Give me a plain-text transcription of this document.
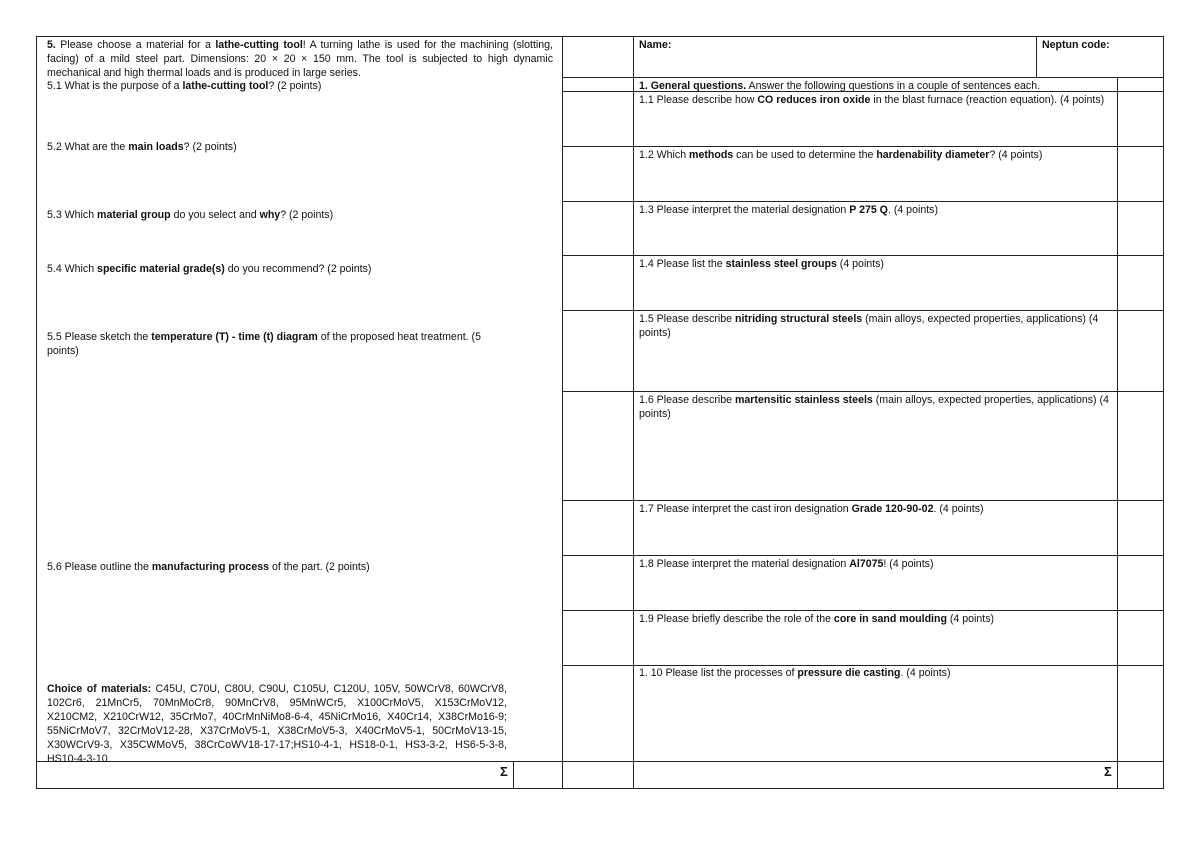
5. Please choose a material for a lathe-cutting tool! A turning lathe is used for the machining (slotting, facing) of a mild steel part. Dimensions: 20 × 20 × 150 mm. The tool is subjected to high dynamic mechanical and high thermal loads and is produced in large series.
5.1 What is the purpose of a lathe-cutting tool? (2 points)
5.2 What are the main loads? (2 points)
5.3 Which material group do you select and why? (2 points)
5.4 Which specific material grade(s) do you recommend? (2 points)
5.5 Please sketch the temperature (T) - time (t) diagram of the proposed heat treatment. (5 points)
5.6 Please outline the manufacturing process of the part. (2 points)
Choice of materials: C45U, C70U, C80U, C90U, C105U, C120U, 105V, 50WCrV8, 60WCrV8, 102Cr6, 21MnCr5, 70MnMoCr8, 90MnCrV8, 95MnWCr5, X100CrMoV5, X153CrMoV12, X210CM2, X210CrW12, 35CrMo7, 40CrMnNiMo8-6-4, 45NiCrMo16, X40Cr14, X38CrMo16-9; 55NiCrMoV7, 32CrMoV12-28, X37CrMoV5-1, X38CrMoV5-3, X40CrMoV5-1, 50CrMoV13-15, X30WCrV9-3, X35CWMoV5, 38CrCoWV18-17-17;HS10-4-1, HS18-0-1, HS3-3-2, HS6-5-3-8, HS10-4-3-10.
Σ
Name:	Neptun code:
1. General questions. Answer the following questions in a couple of sentences each.
1.1 Please describe how CO reduces iron oxide in the blast furnace (reaction equation). (4 points)
1.2 Which methods can be used to determine the hardenability diameter? (4 points)
1.3 Please interpret the material designation P 275 Q. (4 points)
1.4 Please list the stainless steel groups (4 points)
1.5 Please describe nitriding structural steels (main alloys, expected properties, applications) (4 points)
1.6 Please describe martensitic stainless steels (main alloys, expected properties, applications) (4 points)
1.7 Please interpret the cast iron designation Grade 120-90-02. (4 points)
1.8 Please interpret the material designation Al7075! (4 points)
1.9 Please briefly describe the role of the core in sand moulding (4 points)
1. 10 Please list the processes of pressure die casting. (4 points)
Σ
